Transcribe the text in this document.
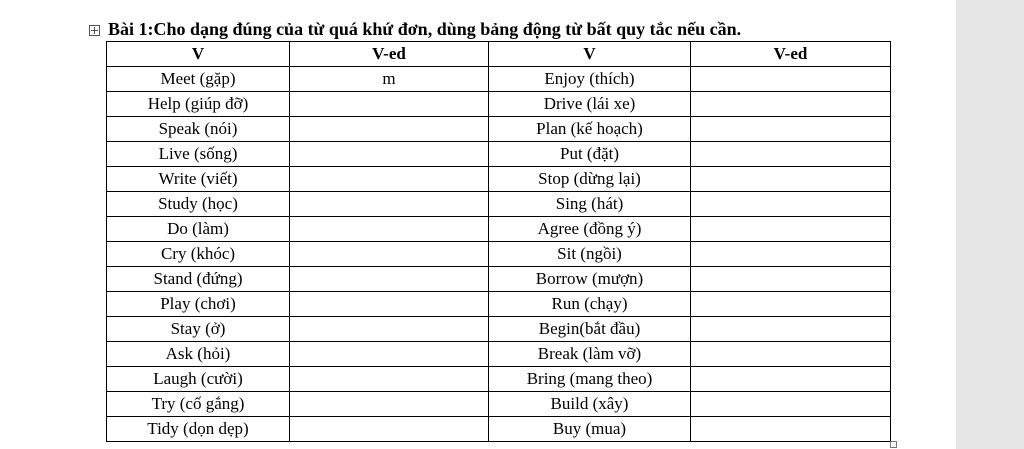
Bài 1:Cho dạng đúng của từ quá khứ đơn, dùng bảng động từ bất quy tắc nếu cần.
V	V-ed	V	V-ed
Meet (gặp)	m	Enjoy (thích)	
Help (giúp đỡ)		Drive (lái xe)	
Speak (nói)		Plan (kế hoạch)	
Live (sống)		Put (đặt)	
Write (viết)		Stop (dừng lại)	
Study (học)		Sing (hát)	
Do (làm)		Agree (đồng ý)	
Cry (khóc)		Sit (ngồi)	
Stand (đứng)		Borrow (mượn)	
Play (chơi)		Run (chạy)	
Stay (ở)		Begin(bắt đầu)	
Ask (hỏi)		Break (làm vỡ)	
Laugh (cười)		Bring (mang theo)	
Try (cố gắng)		Build (xây)	
Tidy (dọn dẹp)		Buy (mua)	
